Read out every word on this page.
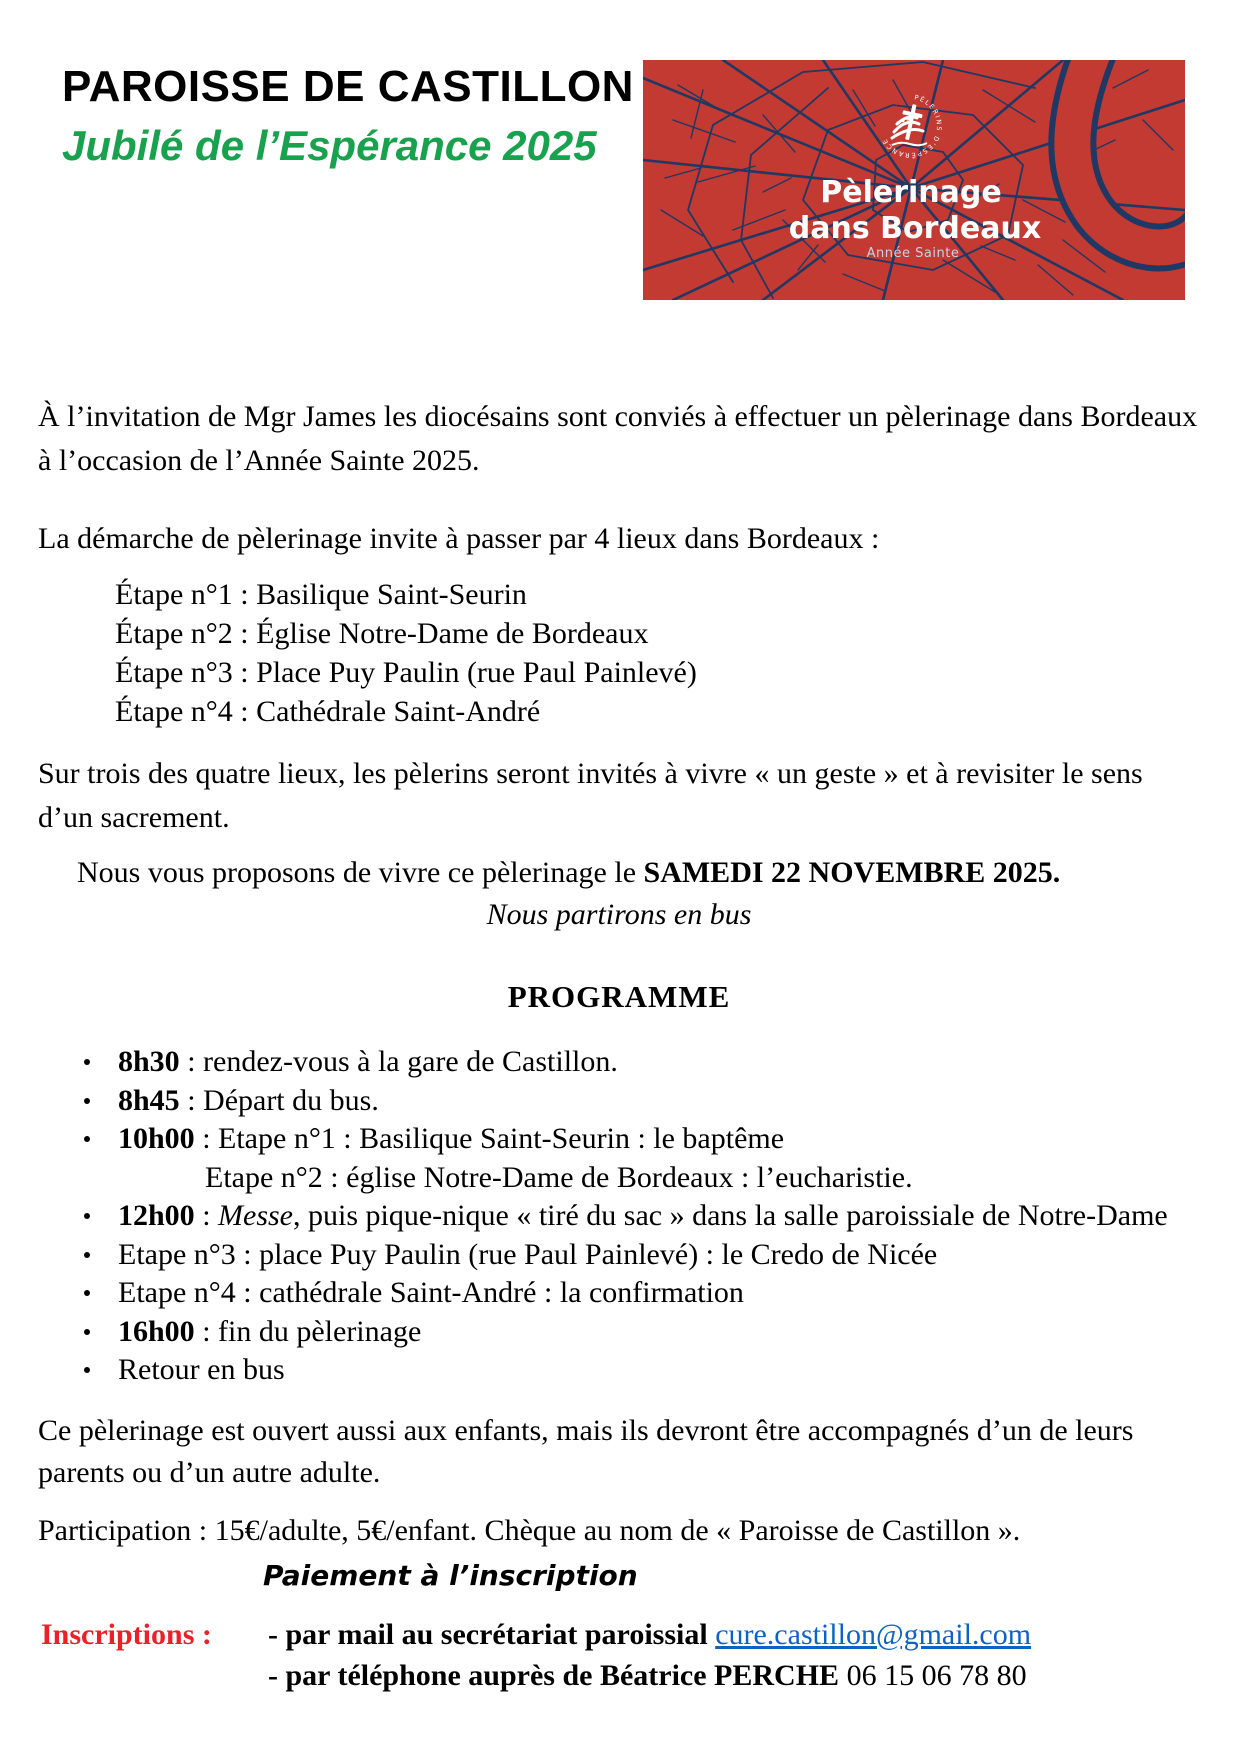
PAROISSE DE CASTILLON
Jubilé de l’Espérance 2025

À l’invitation de Mgr James les diocésains sont conviés à effectuer un pèlerinage dans Bordeaux à l’occasion de l’Année Sainte 2025.

La démarche de pèlerinage invite à passer par 4 lieux dans Bordeaux :

Étape n°1 : Basilique Saint-Seurin
Étape n°2 : Église Notre-Dame de Bordeaux
Étape n°3 : Place Puy Paulin (rue Paul Painlevé)
Étape n°4 : Cathédrale Saint-André

Sur trois des quatre lieux, les pèlerins seront invités à vivre « un geste » et à revisiter le sens d’un sacrement.

Nous vous proposons de vivre ce pèlerinage le SAMEDI 22 NOVEMBRE 2025.

Nous partirons en bus

PROGRAMME

8h30 : rendez-vous à la gare de Castillon.
8h45 : Départ du bus.
10h00 : Etape n°1 : Basilique Saint-Seurin : le baptême
Etape n°2 : église Notre-Dame de Bordeaux : l’eucharistie.
12h00 : Messe, puis pique-nique « tiré du sac » dans la salle paroissiale de Notre-Dame
Etape n°3 : place Puy Paulin (rue Paul Painlevé) : le Credo de Nicée
Etape n°4 : cathédrale Saint-André : la confirmation
16h00 : fin du pèlerinage
Retour en bus

Ce pèlerinage est ouvert aussi aux enfants, mais ils devront être accompagnés d’un de leurs parents ou d’un autre adulte.

Participation : 15€/adulte, 5€/enfant. Chèque au nom de « Paroisse de Castillon ».

Paiement à l’inscription

Inscriptions :	- par mail au secrétariat paroissial cure.castillon@gmail.com
- par téléphone auprès de Béatrice PERCHE 06 15 06 78 80
PÈLERINS D’ESPÉRANCE
Pèlerinage
dans Bordeaux
Année Sainte
